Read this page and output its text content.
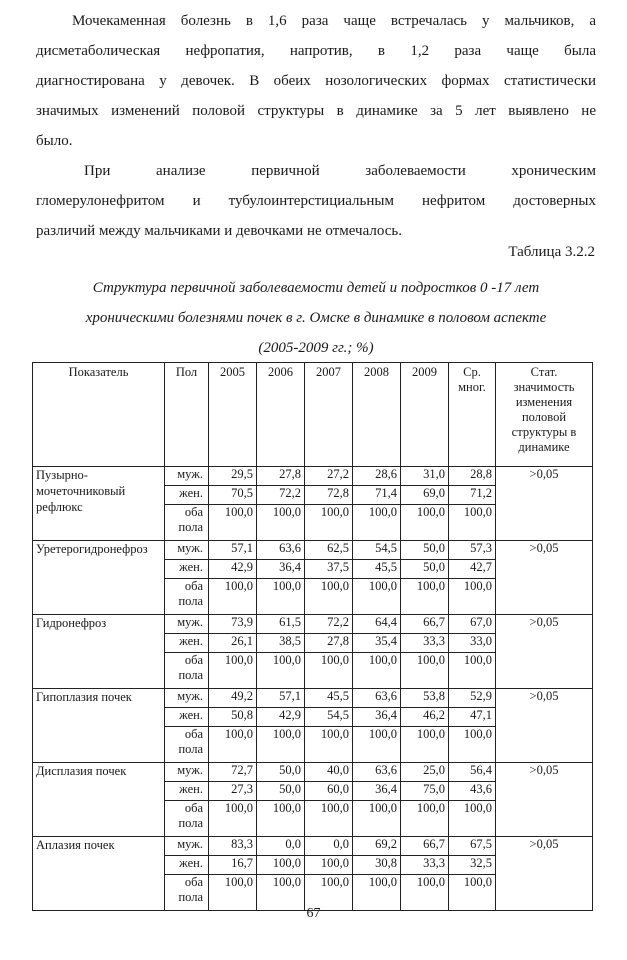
Мочекаменная болезнь в 1,6 раза чаще встречалась у мальчиков, а
дисметаболическая нефропатия, напротив, в 1,2 раза чаще была
диагностирована у девочек. В обеих нозологических формах статистически
значимых изменений половой структуры в динамике за 5 лет выявлено не
было.

При анализе первичной заболеваемости хроническим
гломерулонефритом и тубулоинтерстициальным нефритом достоверных
различий между мальчиками и девочками не отмечалось.

Таблица 3.2.2

Структура первичной заболеваемости детей и подростков 0 -17 лет
хроническими болезнями почек в г. Омске в динамике в половом аспекте
(2005-2009 гг.; %)

Показатель	Пол	2005	2006	2007	2008	2009	Ср. мног.	Стат. значимость изменения половой структуры в динамике
Пузырно-мочеточниковый рефлюкс	муж.	29,5	27,8	27,2	28,6	31,0	28,8	>0,05
	жен.	70,5	72,2	72,8	71,4	69,0	71,2	
	оба пола	100,0	100,0	100,0	100,0	100,0	100,0	
Уретерогидронефроз	муж.	57,1	63,6	62,5	54,5	50,0	57,3	>0,05
	жен.	42,9	36,4	37,5	45,5	50,0	42,7	
	оба пола	100,0	100,0	100,0	100,0	100,0	100,0	
Гидронефроз	муж.	73,9	61,5	72,2	64,4	66,7	67,0	>0,05
	жен.	26,1	38,5	27,8	35,4	33,3	33,0	
	оба пола	100,0	100,0	100,0	100,0	100,0	100,0	
Гипоплазия почек	муж.	49,2	57,1	45,5	63,6	53,8	52,9	>0,05
	жен.	50,8	42,9	54,5	36,4	46,2	47,1	
	оба пола	100,0	100,0	100,0	100,0	100,0	100,0	
Дисплазия почек	муж.	72,7	50,0	40,0	63,6	25,0	56,4	>0,05
	жен.	27,3	50,0	60,0	36,4	75,0	43,6	
	оба пола	100,0	100,0	100,0	100,0	100,0	100,0	
Аплазия почек	муж.	83,3	0,0	0,0	69,2	66,7	67,5	>0,05
	жен.	16,7	100,0	100,0	30,8	33,3	32,5	
	оба пола	100,0	100,0	100,0	100,0	100,0	100,0	
67
